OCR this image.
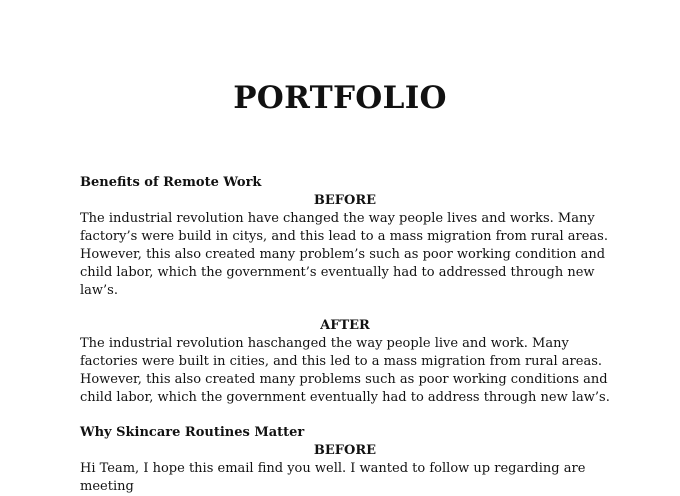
PORTFOLIO

Benefits of Remote Work

BEFORE

The industrial revolution have changed the way people lives and works. Many factory’s were build in citys, and this lead to a mass migration from rural areas. However, this also created many problem’s such as poor working condition and child labor, which the government’s eventually had to addressed through new law’s.

AFTER

The industrial revolution haschanged the way people live and work. Many factories were built in cities, and this led to a mass migration from rural areas. However, this also created many problems such as poor working conditions and child labor, which the government eventually had to address through new law’s.

Why Skincare Routines Matter

BEFORE

Hi Team, I hope this email find you well. I wanted to follow up regarding are meeting
